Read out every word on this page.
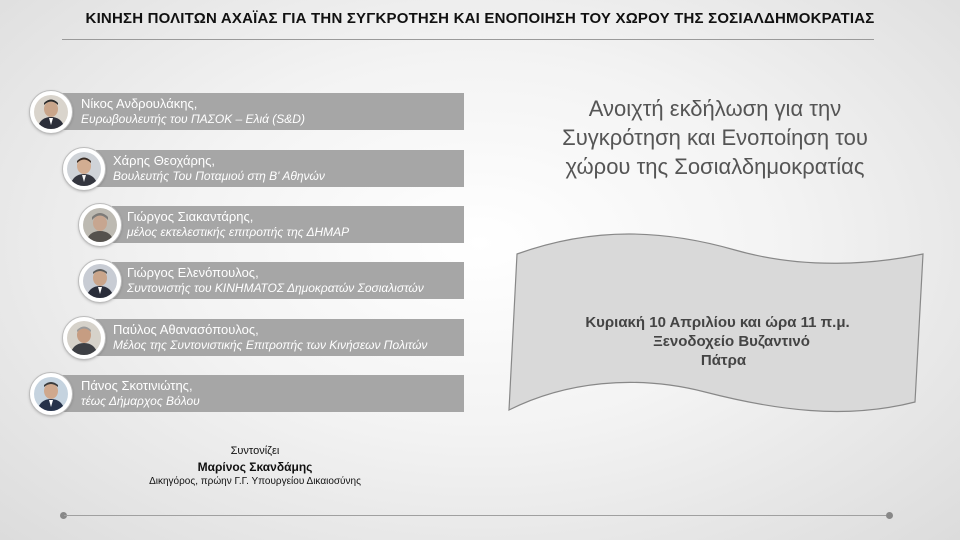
ΚΙΝΗΣΗ ΠΟΛΙΤΩΝ ΑΧΑΪΑΣ ΓΙΑ ΤΗΝ ΣΥΓΚΡΟΤΗΣΗ ΚΑΙ ΕΝΟΠΟΙΗΣΗ ΤΟΥ ΧΩΡΟΥ ΤΗΣ ΣΟΣΙΑΛΔΗΜΟΚΡΑΤΙΑΣ
Νίκος Ανδρουλάκης,
Ευρωβουλευτής του ΠΑΣΟΚ – Ελιά (S&D)
Χάρης Θεοχάρης,
Βουλευτής Του Ποταμιού στη Β' Αθηνών
Γιώργος Σιακαντάρης,
μέλος εκτελεστικής επιτροπής της ΔΗΜΑΡ
Γιώργος Ελενόπουλος,
Συντονιστής του ΚΙΝΗΜΑΤΟΣ Δημοκρατών Σοσιαλιστών
Παύλος Αθανασόπουλος,
Μέλος της Συντονιστικής Επιτροπής των Κινήσεων Πολιτών
Πάνος Σκοτινιώτης,
τέως Δήμαρχος Βόλου
Ανοιχτή εκδήλωση για την
Συγκρότηση και Ενοποίηση του
χώρου της Σοσιαλδημοκρατίας
Κυριακή 10 Απριλίου και ώρα 11 π.μ.
Ξενοδοχείο Βυζαντινό
Πάτρα
Συντονίζει
Μαρίνος Σκανδάμης
Δικηγόρος, πρώην Γ.Γ. Υπουργείου Δικαιοσύνης
